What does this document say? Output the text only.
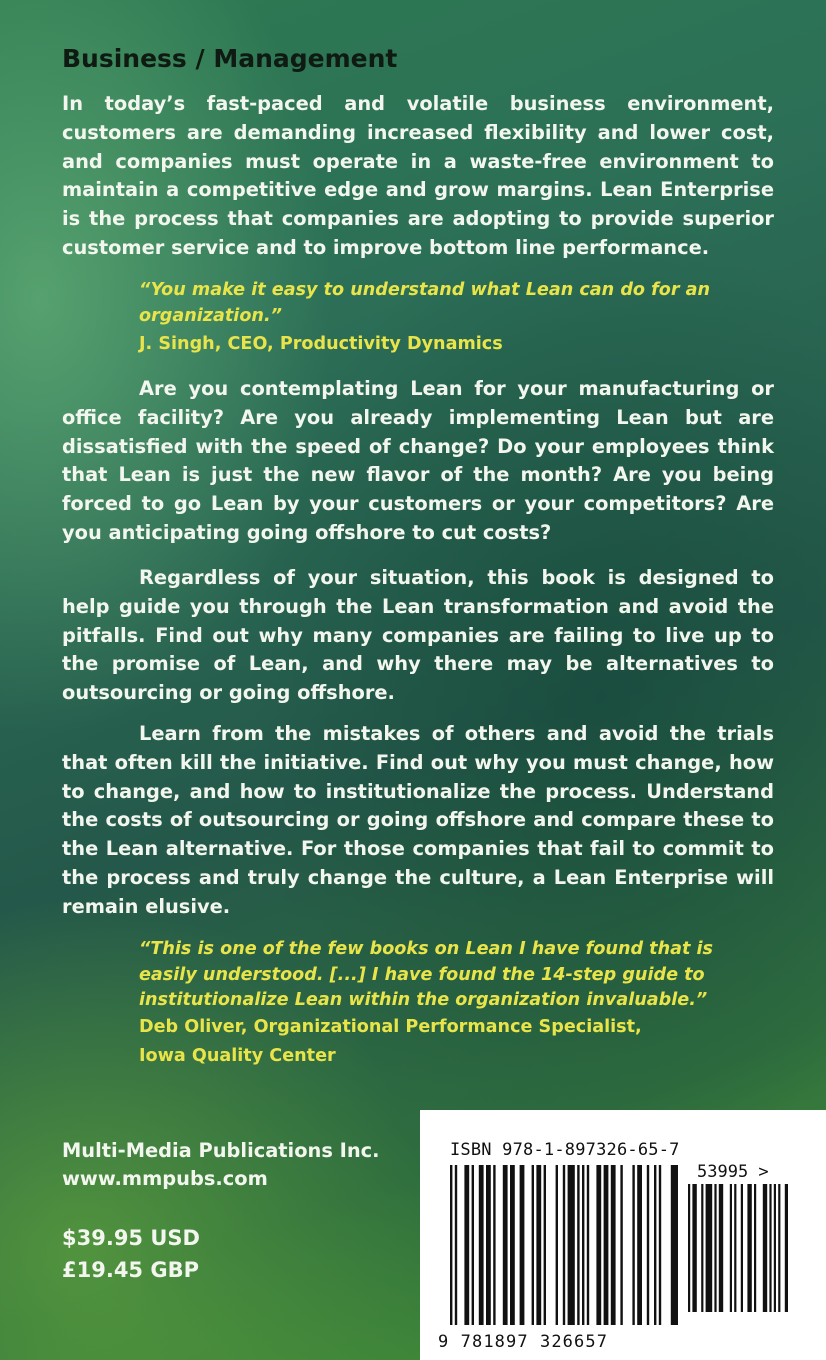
Business / Management

In today’s fast-paced and volatile business environment, customers are demanding increased flexibility and lower cost, and companies must operate in a waste-free environment to maintain a competitive edge and grow margins. Lean Enterprise is the process that companies are adopting to provide superior customer service and to improve bottom line performance.

“You make it easy to understand what Lean can do for an organization.”

J. Singh, CEO, Productivity Dynamics

Are you contemplating Lean for your manufacturing or office facility? Are you already implementing Lean but are dissatisfied with the speed of change? Do your employees think that Lean is just the new flavor of the month? Are you being forced to go Lean by your customers or your competitors? Are you anticipating going offshore to cut costs?

Regardless of your situation, this book is designed to help guide you through the Lean transformation and avoid the pitfalls. Find out why many companies are failing to live up to the promise of Lean, and why there may be alternatives to outsourcing or going offshore.

Learn from the mistakes of others and avoid the trials that often kill the initiative. Find out why you must change, how to change, and how to institutionalize the process. Understand the costs of outsourcing or going offshore and compare these to the Lean alternative. For those companies that fail to commit to the process and truly change the culture, a Lean Enterprise will remain elusive.

“This is one of the few books on Lean I have found that is easily understood. [...] I have found the 14-step guide to institutionalize Lean within the organization invaluable.”

Deb Oliver, Organizational Performance Specialist,

Iowa Quality Center

Multi-Media Publications Inc.

www.mmpubs.com

$39.95 USD

£19.45 GBP

ISBN 978-1-897326-65-7

53995 >

9 781897 326657
